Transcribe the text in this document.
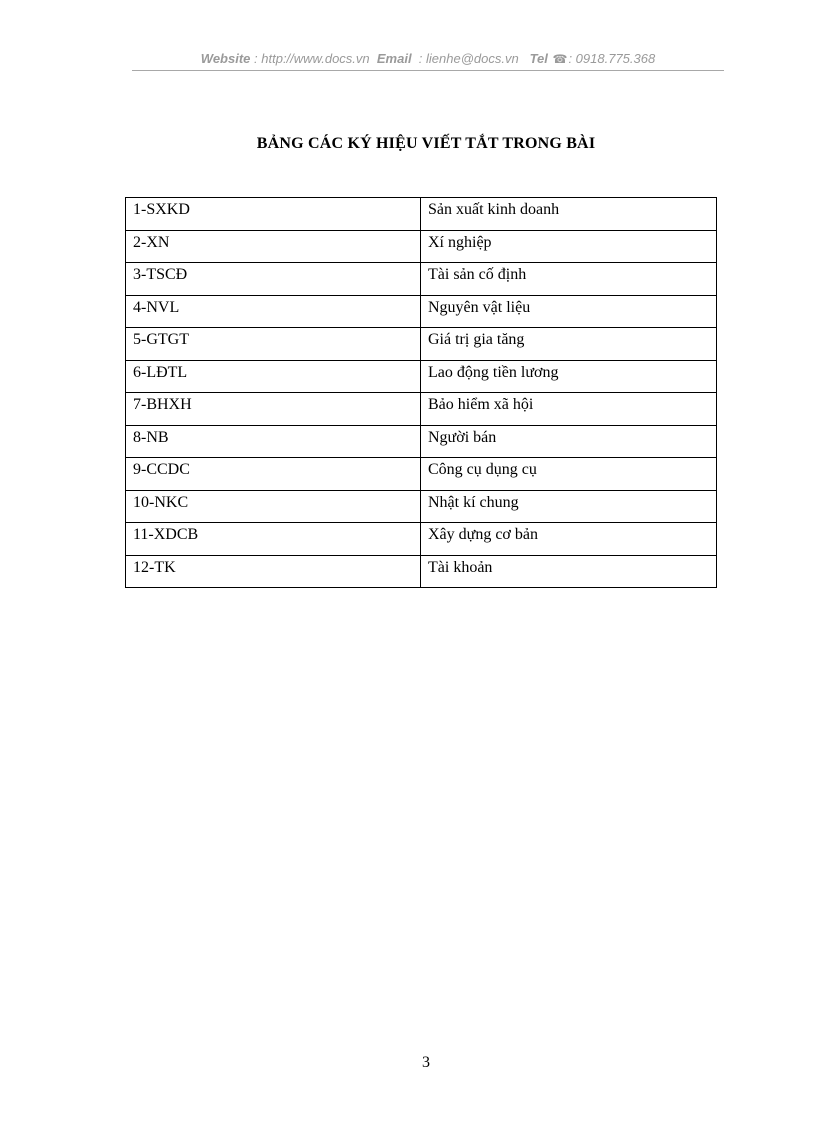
Website : http://www.docs.vn Email : lienhe@docs.vn Tel ☎: 0918.775.368
BẢNG CÁC KÝ HIỆU VIẾT TẮT TRONG BÀI
1-SXKD	Sản xuất kinh doanh
2-XN	Xí nghiệp
3-TSCĐ	Tài sản cố định
4-NVL	Nguyên vật liệu
5-GTGT	Giá trị gia tăng
6-LĐTL	Lao động tiền lương
7-BHXH	Bảo hiểm xã hội
8-NB	Người bán
9-CCDC	Công cụ dụng cụ
10-NKC	Nhật kí chung
11-XDCB	Xây dựng cơ bản
12-TK	Tài khoản
3
